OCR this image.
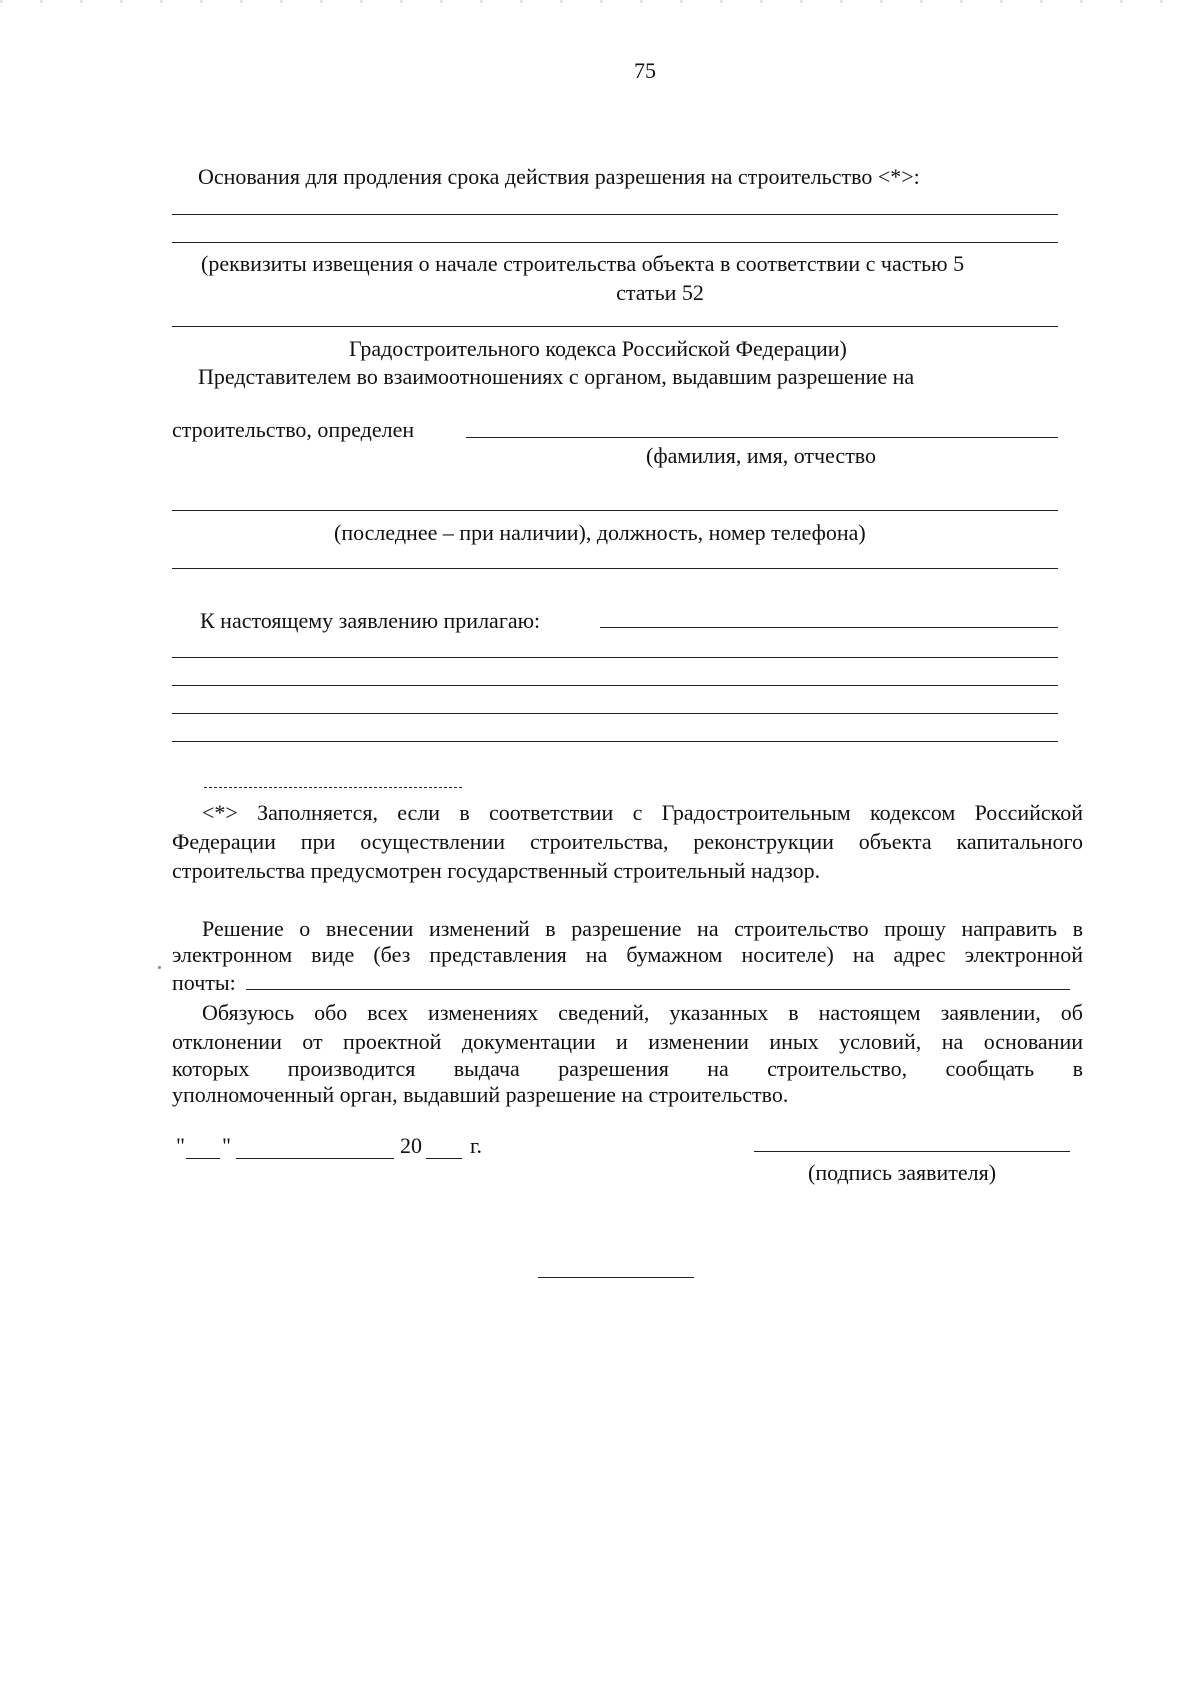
75
Основания для продления срока действия разрешения на строительство <*>:
(реквизиты извещения о начале строительства объекта в соответствии с частью 5
статьи 52
Градостроительного кодекса Российской Федерации)
Представителем во взаимоотношениях с органом, выдавшим разрешение на
строительство, определен
(фамилия, имя, отчество
(последнее – при наличии), должность, номер телефона)
К настоящему заявлению прилагаю:
<*> Заполняется, если в соответствии с Градостроительным кодексом Российской
Федерации при осуществлении строительства, реконструкции объекта капитального
строительства предусмотрен государственный строительный надзор.
Решение о внесении изменений в разрешение на строительство прошу направить в
электронном виде (без представления на бумажном носителе) на адрес электронной
почты:
Обязуюсь обо всех изменениях сведений, указанных в настоящем заявлении, об
отклонении от проектной документации и изменении иных условий, на основании
которых производится выдача разрешения на строительство, сообщать в
уполномоченный орган, выдавший разрешение на строительство.
" "	20 г.
(подпись заявителя)
